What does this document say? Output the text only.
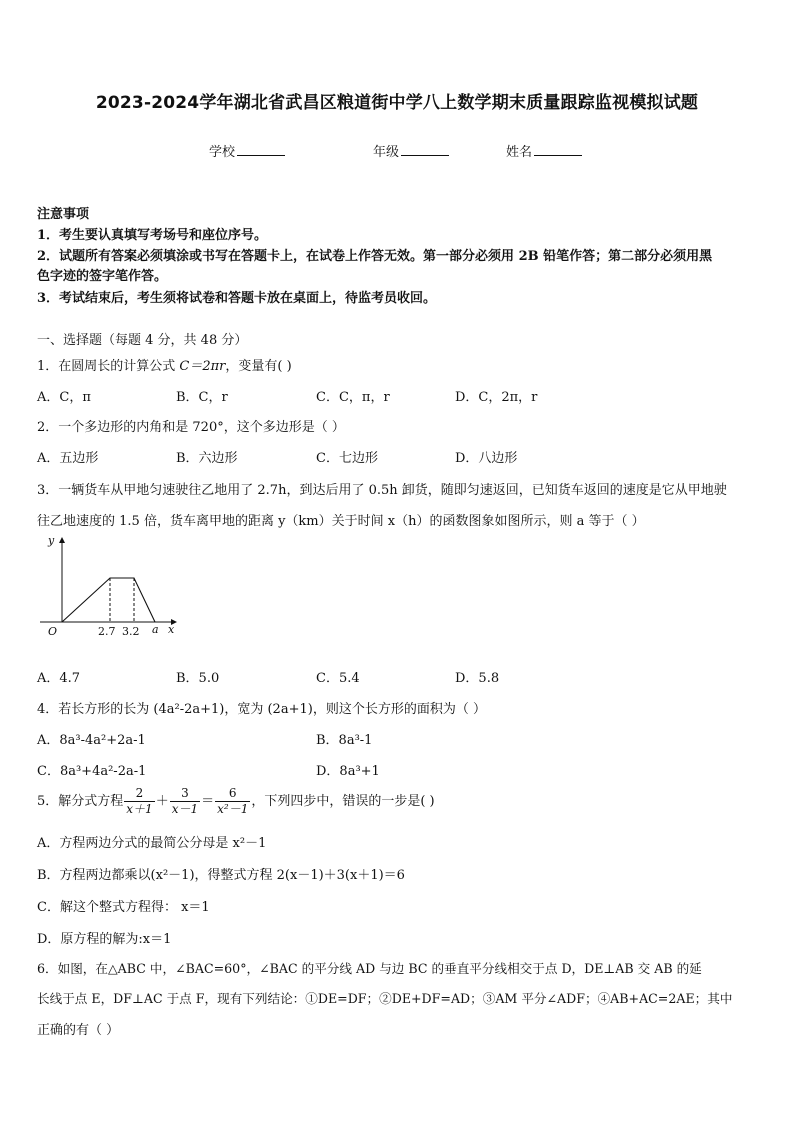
2023-2024学年湖北省武昌区粮道街中学八上数学期末质量跟踪监视模拟试题
学校	年级	姓名
注意事项
1．考生要认真填写考场号和座位序号。
2．试题所有答案必须填涂或书写在答题卡上，在试卷上作答无效。第一部分必须用 2B 铅笔作答；第二部分必须用黑
色字迹的签字笔作答。
3．考试结束后，考生须将试卷和答题卡放在桌面上，待监考员收回。
一、选择题（每题 4 分，共 48 分）
1．在圆周长的计算公式 C＝2πr，变量有( )
A．C，π	B．C，r	C．C，π，r	D．C，2π，r
2．一个多边形的内角和是 720°，这个多边形是（ ）
A．五边形	B．六边形	C．七边形	D．八边形
3．一辆货车从甲地匀速驶往乙地用了 2.7h，到达后用了 0.5h 卸货，随即匀速返回，已知货车返回的速度是它从甲地驶
往乙地速度的 1.5 倍，货车离甲地的距离 y（km）关于时间 x（h）的函数图象如图所示，则 a 等于（ ）
y
x
O	2.7 3.2 a
A．4.7	B．5.0	C．5.4	D．5.8
4．若长方形的长为 (4a²-2a+1)，宽为 (2a+1)，则这个长方形的面积为（ ）
A．8a³-4a²+2a-1	B．8a³-1
C．8a³+4a²-2a-1	D．8a³+1
5．解分式方程 $\frac{2}{x+1} + \frac{3}{x-1} = \frac{6}{\text{x²－1}}$ ，下列四步中，错误的一步是( )
A．方程两边分式的最简公分母是 x²－1
B．方程两边都乘以(x²－1)，得整式方程 2(x－1)＋3(x＋1)＝6
C．解这个整式方程得： x＝1
D．原方程的解为:x＝1
6．如图，在△ABC 中，∠BAC=60°，∠BAC 的平分线 AD 与边 BC 的垂直平分线相交于点 D，DE⊥AB 交 AB 的延
长线于点 E，DF⊥AC 于点 F，现有下列结论：①DE=DF；②DE+DF=AD；③AM 平分∠ADF；④AB+AC=2AE；其中
正确的有（ ）
